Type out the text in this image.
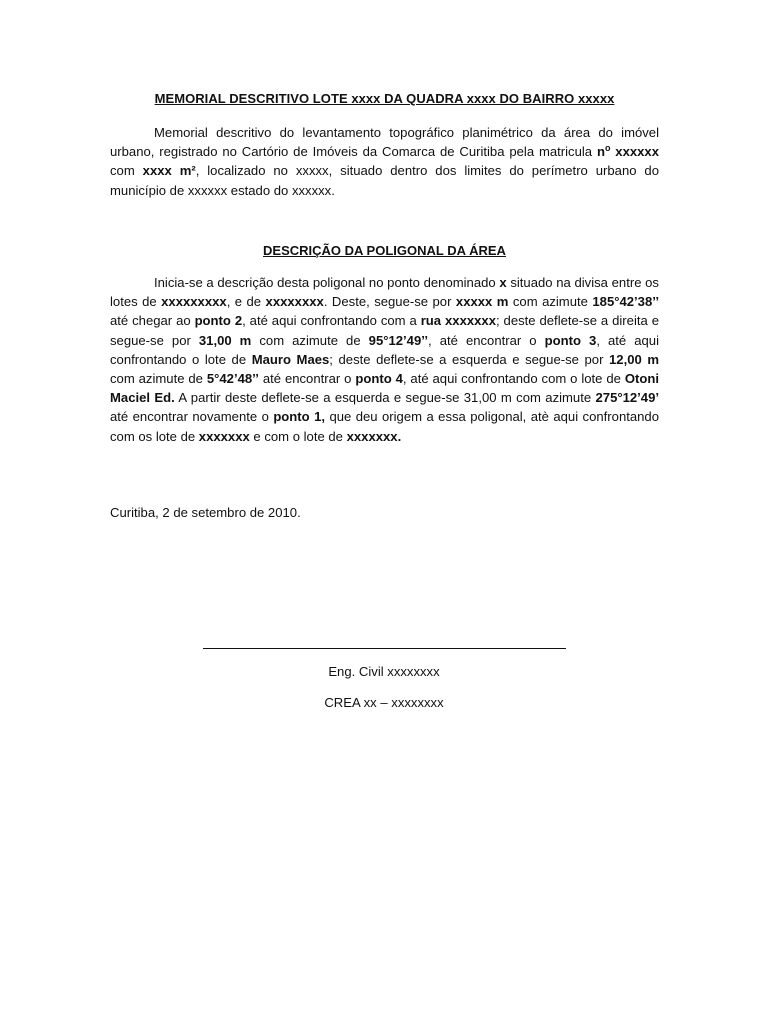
MEMORIAL DESCRITIVO LOTE xxxx DA QUADRA xxxx DO BAIRRO xxxxx

Memorial descritivo do levantamento topográfico planimétrico da área do imóvel urbano, registrado no Cartório de Imóveis da Comarca de Curitiba pela matricula $n^o$ xxxxxx com xxxx m², localizado no xxxxx, situado dentro dos limites do perímetro urbano do município de xxxxxx estado do xxxxxx.

DESCRIÇÃO DA POLIGONAL DA ÁREA

Inicia-se a descrição desta poligonal no ponto denominado x situado na divisa entre os lotes de xxxxxxxxx, e de xxxxxxxx. Deste, segue-se por xxxxx m com azimute 185°42’38’’ até chegar ao ponto 2, até aqui confrontando com a rua xxxxxxx; deste deflete-se a direita e segue-se por 31,00 m com azimute de 95°12’49’’, até encontrar o ponto 3, até aqui confrontando o lote de Mauro Maes; deste deflete-se a esquerda e segue-se por 12,00 m com azimute de 5°42’48’’ até encontrar o ponto 4, até aqui confrontando com o lote de Otoni Maciel Ed. A partir deste deflete-se a esquerda e segue-se 31,00 m com azimute 275°12’49’ até encontrar novamente o ponto 1, que deu origem a essa poligonal, atè aqui confrontando com os lote de xxxxxxx e com o lote de xxxxxxx.

Curitiba, 2 de setembro de 2010.
Eng. Civil xxxxxxxx
CREA xx – xxxxxxxx
